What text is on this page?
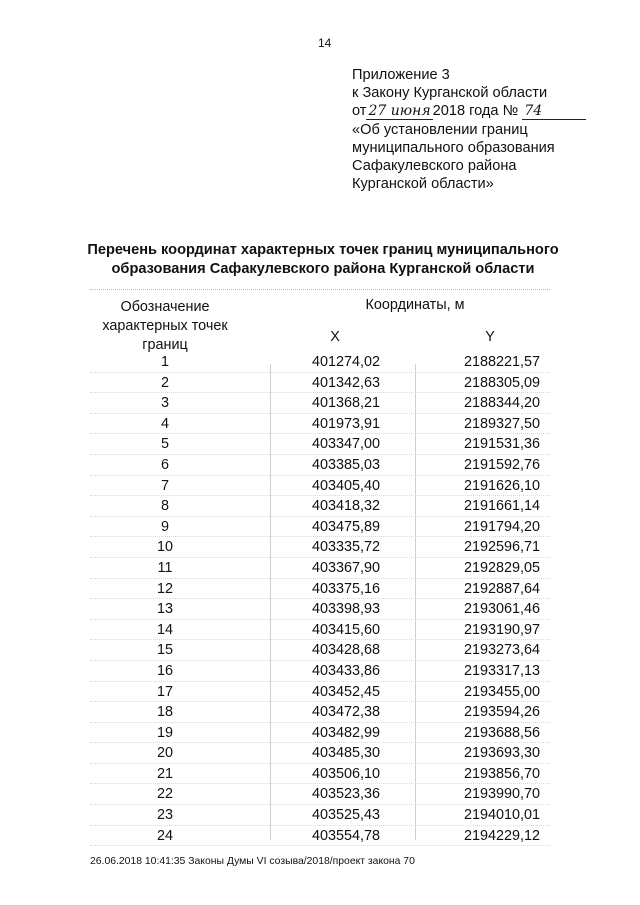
14
Приложение 3
к Закону Курганской области
от 27 июня 2018 года № 74
«Об установлении границ
муниципального образования
Сафакулевского района
Курганской области»
Перечень координат характерных точек границ муниципального
образования Сафакулевского района Курганской области
Обозначение
характерных точек
границ
Координаты, м
X	Y
1	401274,02	2188221,57
2	401342,63	2188305,09
3	401368,21	2188344,20
4	401973,91	2189327,50
5	403347,00	2191531,36
6	403385,03	2191592,76
7	403405,40	2191626,10
8	403418,32	2191661,14
9	403475,89	2191794,20
10	403335,72	2192596,71
11	403367,90	2192829,05
12	403375,16	2192887,64
13	403398,93	2193061,46
14	403415,60	2193190,97
15	403428,68	2193273,64
16	403433,86	2193317,13
17	403452,45	2193455,00
18	403472,38	2193594,26
19	403482,99	2193688,56
20	403485,30	2193693,30
21	403506,10	2193856,70
22	403523,36	2193990,70
23	403525,43	2194010,01
24	403554,78	2194229,12
26.06.2018 10:41:35 Законы Думы VI созыва/2018/проект закона 70
